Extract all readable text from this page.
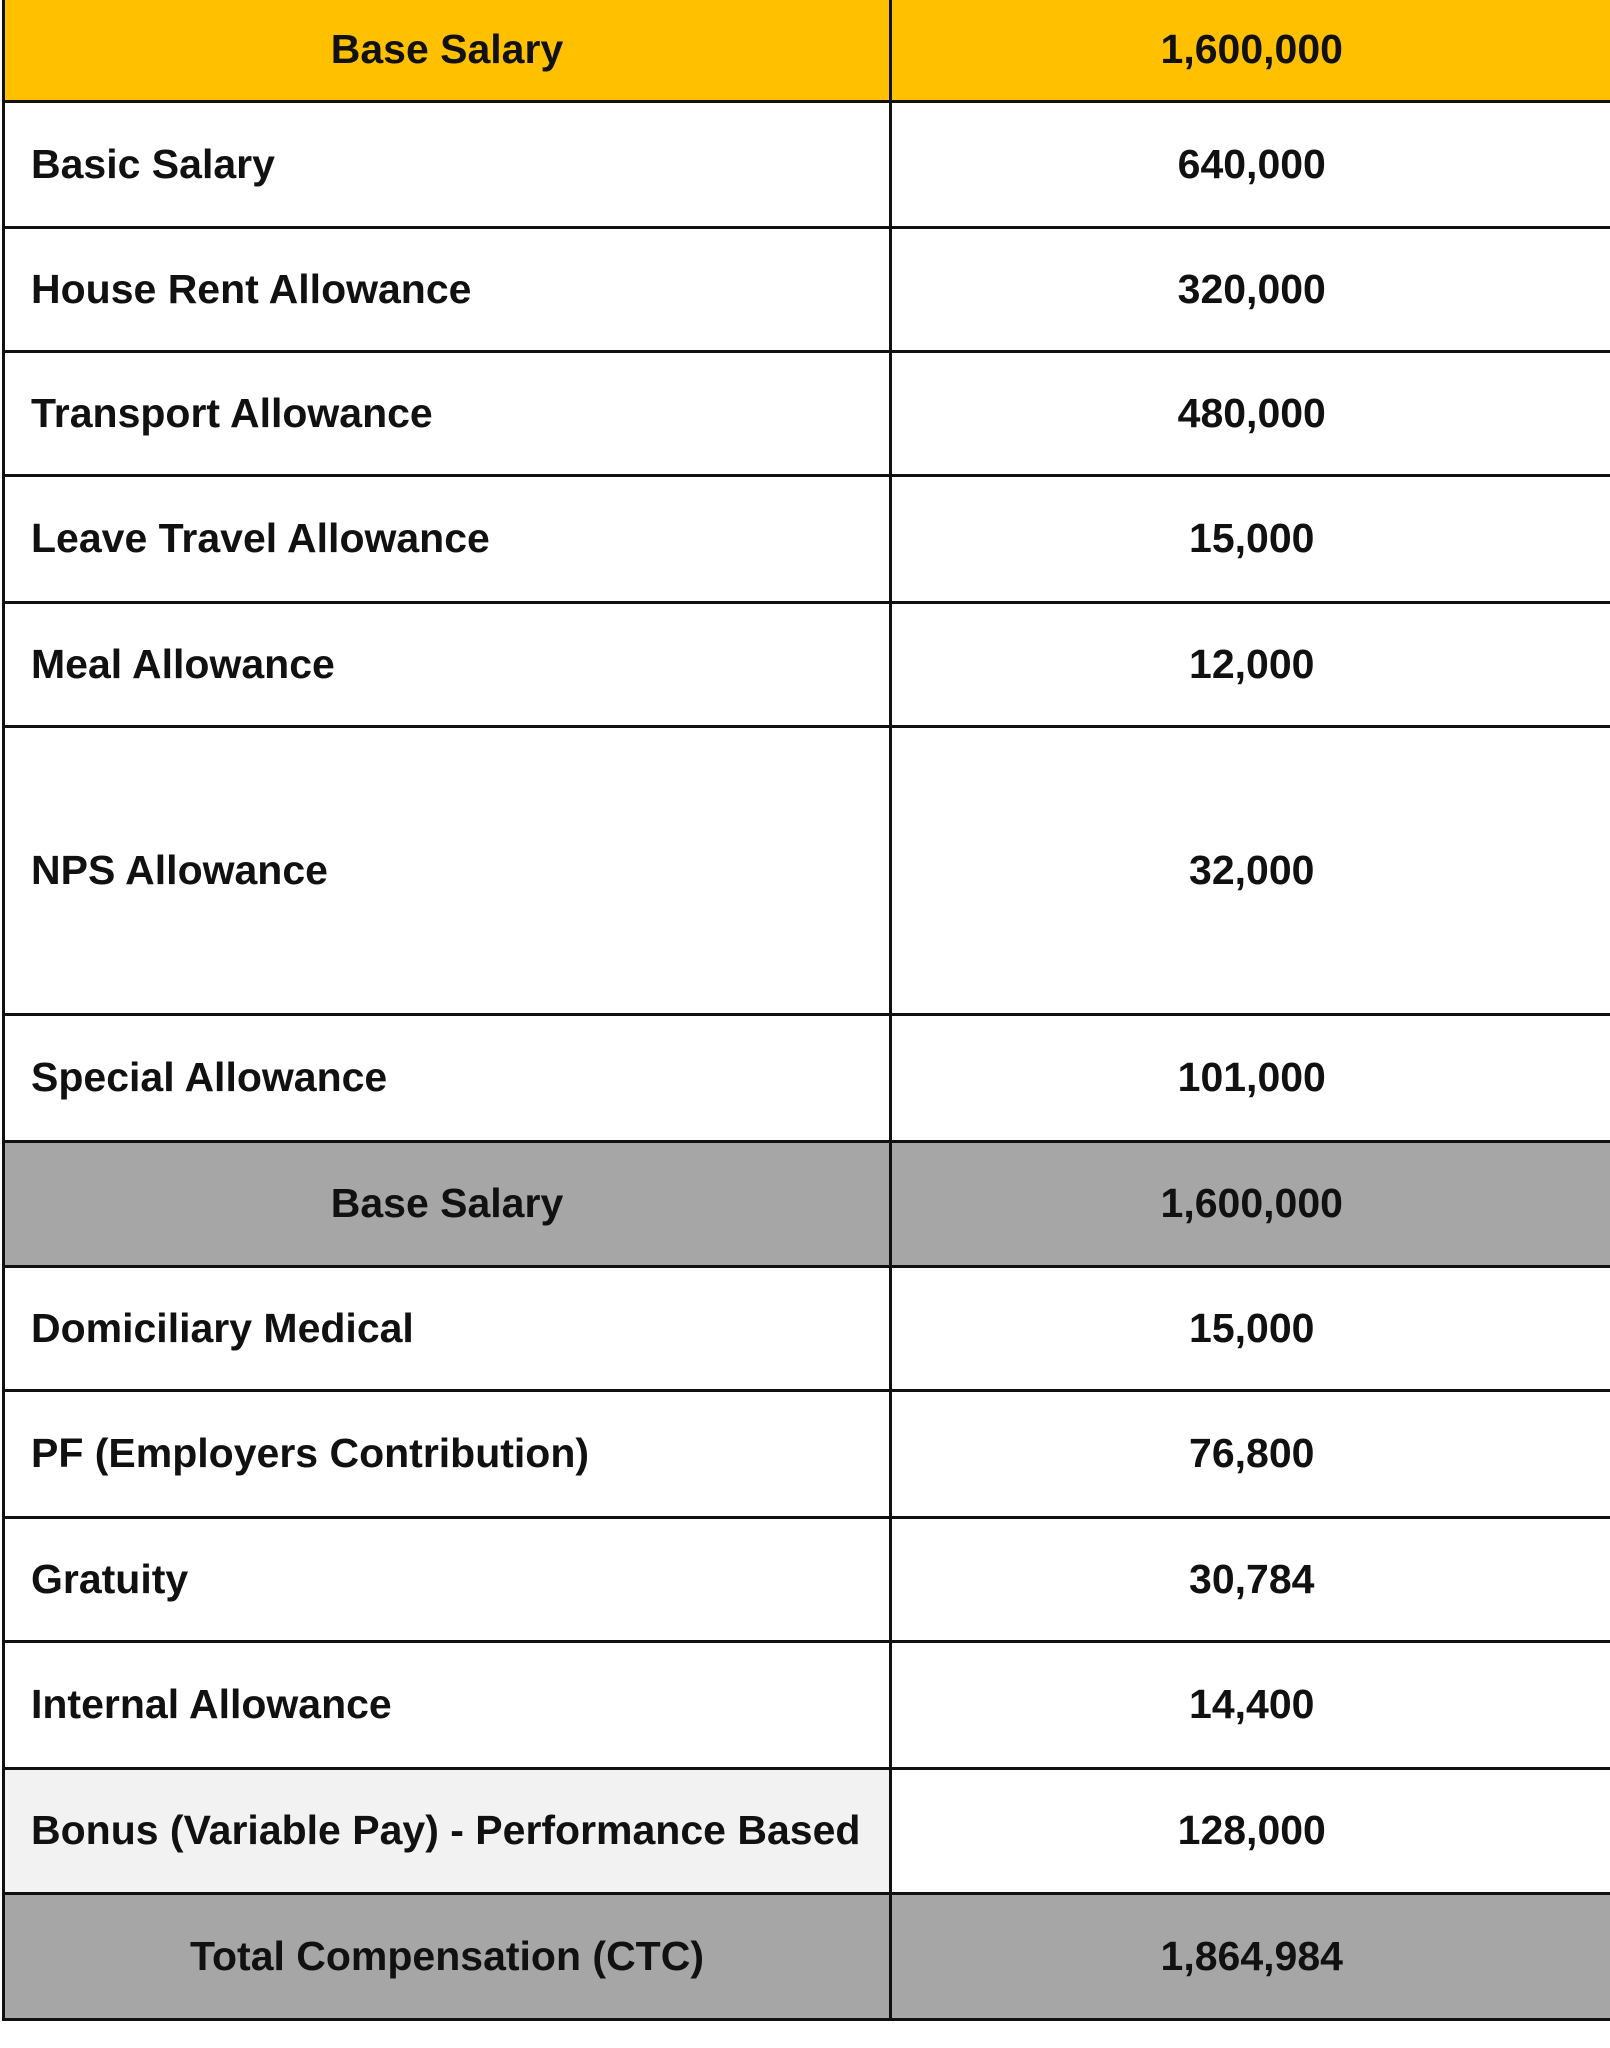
Base Salary	1,600,000
Basic Salary	640,000
House Rent Allowance	320,000
Transport Allowance	480,000
Leave Travel Allowance	15,000
Meal Allowance	12,000
NPS Allowance	32,000
Special Allowance	101,000
Base Salary	1,600,000
Domiciliary Medical	15,000
PF (Employers Contribution)	76,800
Gratuity	30,784
Internal Allowance	14,400
Bonus (Variable Pay) - Performance Based	128,000
Total Compensation (CTC)	1,864,984
